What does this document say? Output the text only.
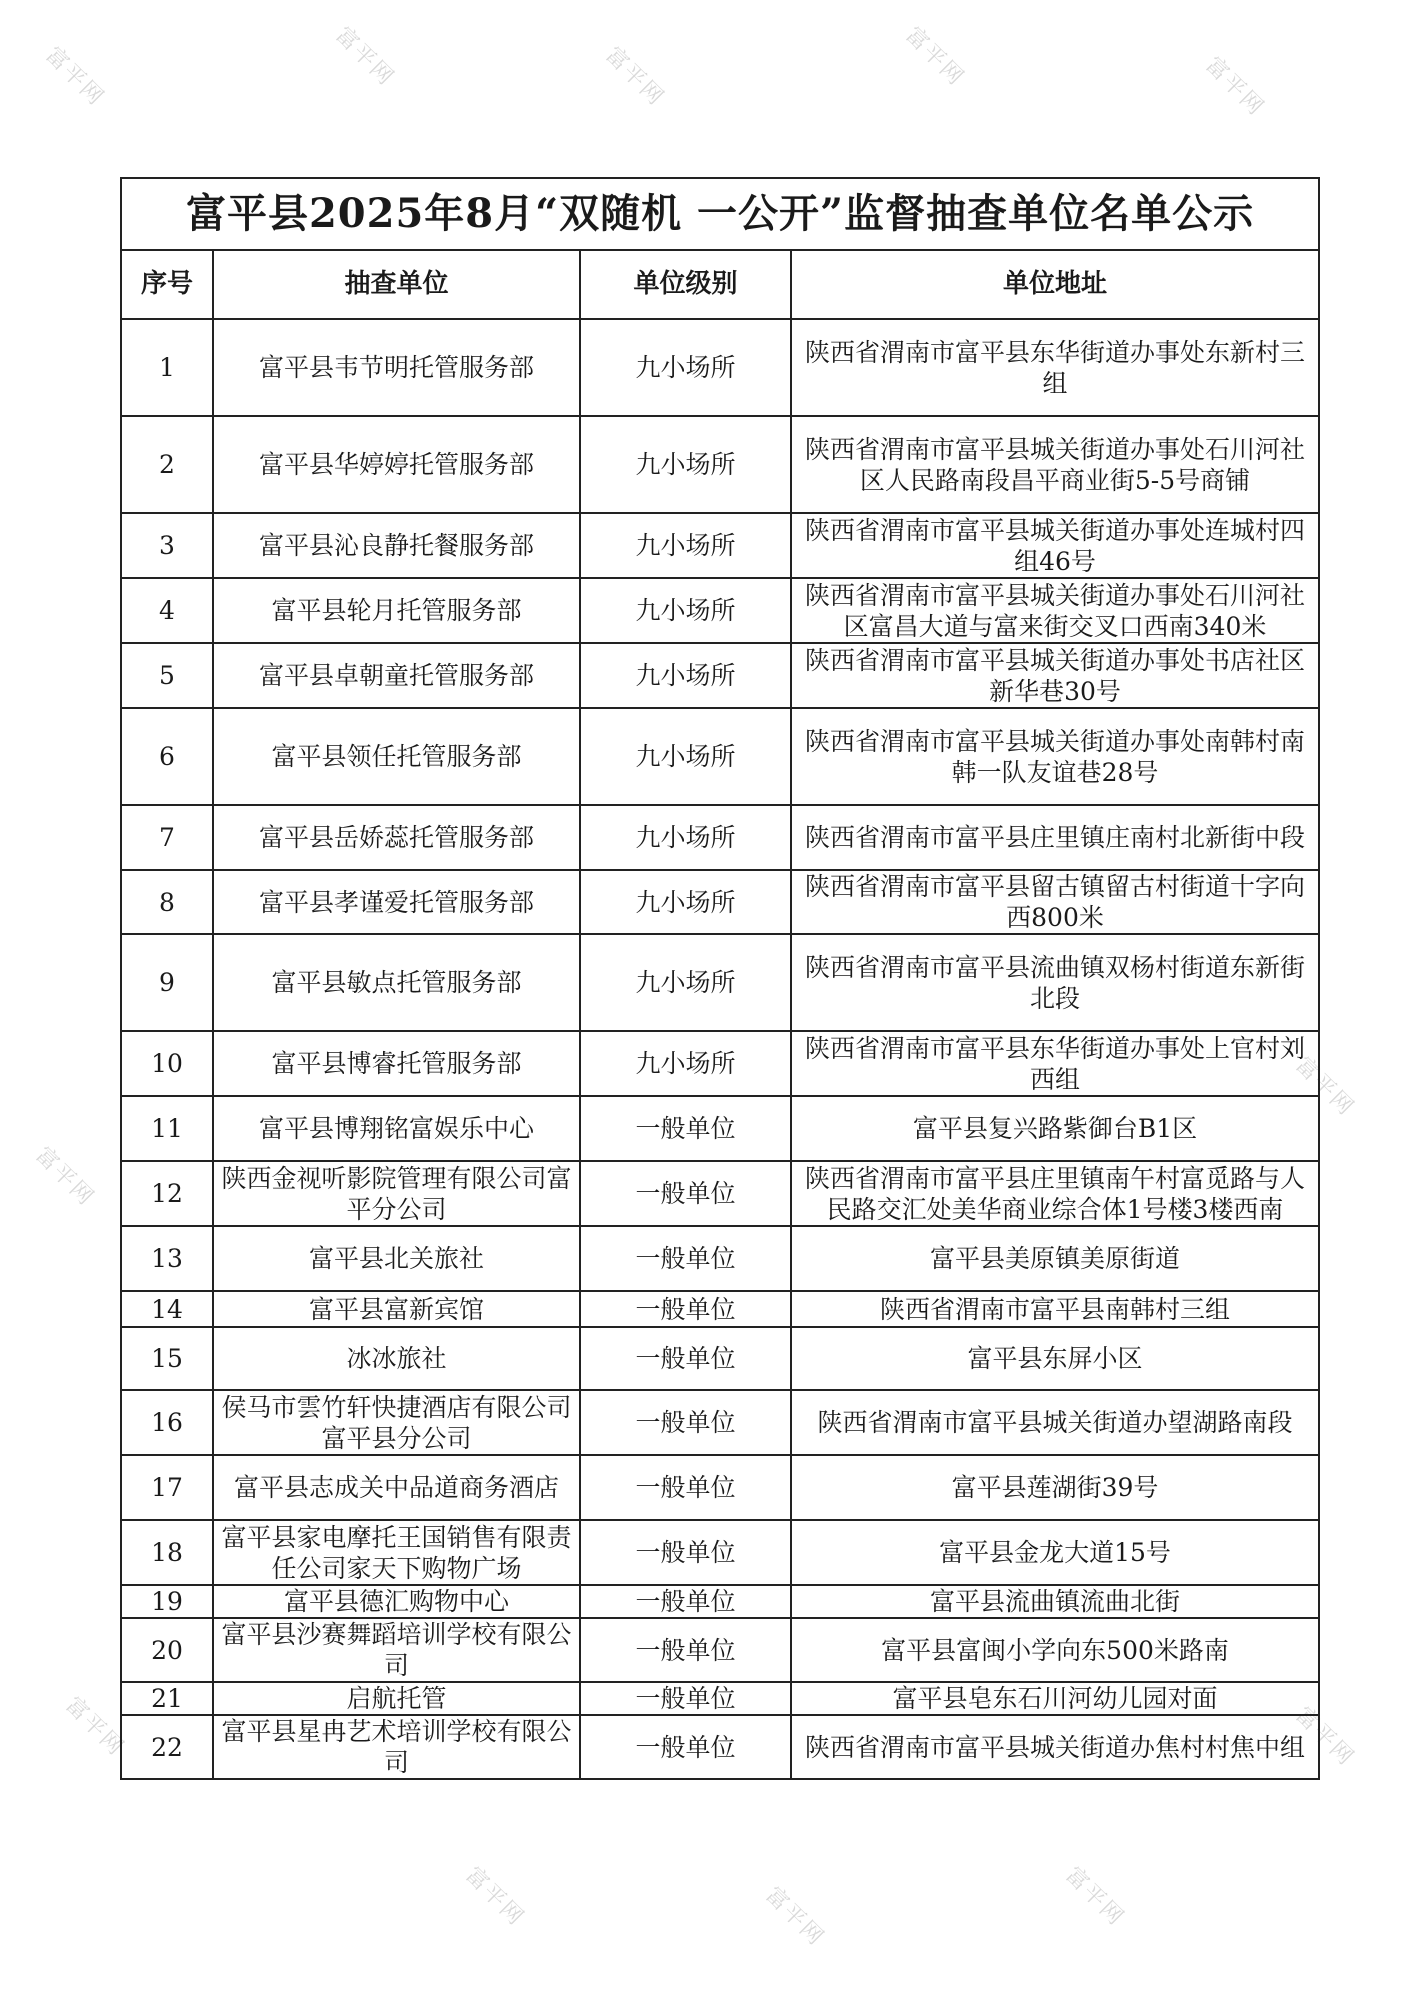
富平网	富平网	富平网	富平网	富平网
富平网
富平网
富平网
富平网	富平网	富平网
富平网
富平县2025年8月“双随机 一公开”监督抽查单位名单公示			
序号	抽查单位	单位级别	单位地址
1	富平县韦节明托管服务部	九小场所	陕西省渭南市富平县东华街道办事处东新村三组
2	富平县华婷婷托管服务部	九小场所	陕西省渭南市富平县城关街道办事处石川河社区人民路南段昌平商业街5-5号商铺
3	富平县沁良静托餐服务部	九小场所	陕西省渭南市富平县城关街道办事处连城村四组46号
4	富平县轮月托管服务部	九小场所	陕西省渭南市富平县城关街道办事处石川河社区富昌大道与富来街交叉口西南340米
5	富平县卓朝童托管服务部	九小场所	陕西省渭南市富平县城关街道办事处书店社区新华巷30号
6	富平县领任托管服务部	九小场所	陕西省渭南市富平县城关街道办事处南韩村南韩一队友谊巷28号
7	富平县岳娇蕊托管服务部	九小场所	陕西省渭南市富平县庄里镇庄南村北新街中段
8	富平县孝谨爱托管服务部	九小场所	陕西省渭南市富平县留古镇留古村街道十字向西800米
9	富平县敏点托管服务部	九小场所	陕西省渭南市富平县流曲镇双杨村街道东新街北段
10	富平县博睿托管服务部	九小场所	陕西省渭南市富平县东华街道办事处上官村刘西组
11	富平县博翔铭富娱乐中心	一般单位	富平县复兴路紫御台B1区
12	陕西金视听影院管理有限公司富平分公司	一般单位	陕西省渭南市富平县庄里镇南午村富觅路与人民路交汇处美华商业综合体1号楼3楼西南
13	富平县北关旅社	一般单位	富平县美原镇美原街道
14	富平县富新宾馆	一般单位	陕西省渭南市富平县南韩村三组
15	冰冰旅社	一般单位	富平县东屏小区
16	侯马市雲竹轩快捷酒店有限公司富平县分公司	一般单位	陕西省渭南市富平县城关街道办望湖路南段
17	富平县志成关中品道商务酒店	一般单位	富平县莲湖街39号
18	富平县家电摩托王国销售有限责任公司家天下购物广场	一般单位	富平县金龙大道15号
19	富平县德汇购物中心	一般单位	富平县流曲镇流曲北街
20	富平县沙赛舞蹈培训学校有限公司	一般单位	富平县富闽小学向东500米路南
21	启航托管	一般单位	富平县皂东石川河幼儿园对面
22	富平县星冉艺术培训学校有限公司	一般单位	陕西省渭南市富平县城关街道办焦村村焦中组
